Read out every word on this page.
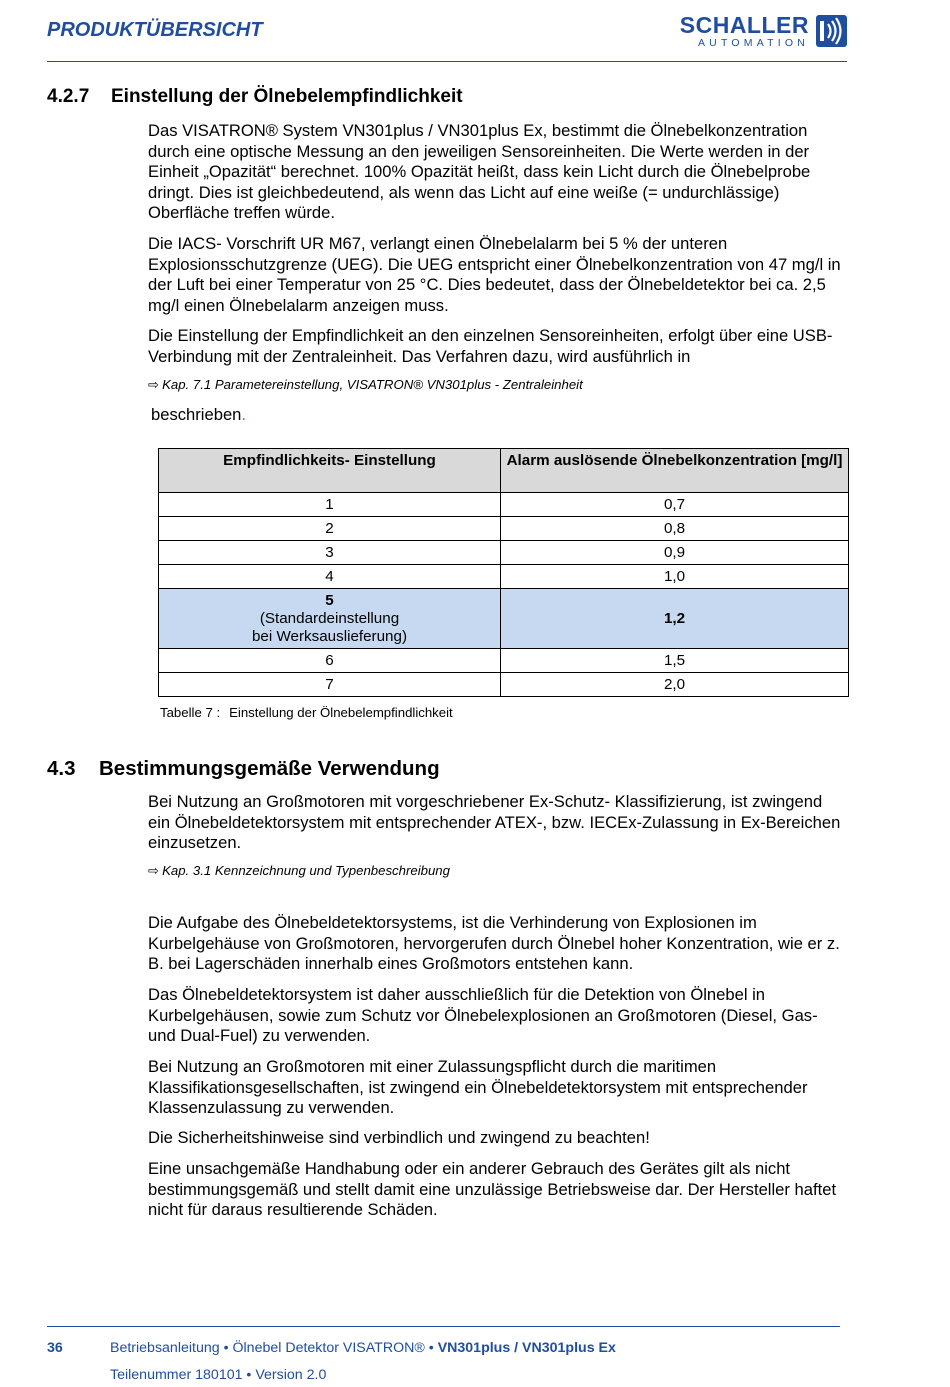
PRODUKTÜBERSICHT	SCHALLER
AUTOMATION
4.2.7 Einstellung der Ölnebelempfindlichkeit

Das VISATRON® System VN301plus / VN301plus Ex, bestimmt die Ölnebelkonzentration durch eine optische Messung an den jeweiligen Sensoreinheiten. Die Werte werden in der Einheit „Opazität“ berechnet. 100% Opazität heißt, dass kein Licht durch die Ölnebelprobe dringt. Dies ist gleichbedeutend, als wenn das Licht auf eine weiße (= undurchlässige) Oberfläche treffen würde.

Die IACS- Vorschrift UR M67, verlangt einen Ölnebelalarm bei 5 % der unteren Explosionsschutzgrenze (UEG). Die UEG entspricht einer Ölnebelkonzentration von 47 mg/l in der Luft bei einer Temperatur von 25 °C. Dies bedeutet, dass der Ölnebeldetektor bei ca. 2,5 mg/l einen Ölnebelalarm anzeigen muss.

Die Einstellung der Empfindlichkeit an den einzelnen Sensoreinheiten, erfolgt über eine USB-Verbindung mit der Zentraleinheit. Das Verfahren dazu, wird ausführlich in

⇨ Kap. 7.1 Parametereinstellung, VISATRON® VN301plus - Zentraleinheit
beschrieben.
Empfindlichkeits- Einstellung	Alarm auslösende Ölnebelkonzentration [mg/l]
1	0,7
2	0,8
3	0,9
4	1,0
5
(Standardeinstellung
bei Werksauslieferung)	1,2
6	1,5
7	2,0
Tabelle 7 : Einstellung der Ölnebelempfindlichkeit
4.3 Bestimmungsgemäße Verwendung

Bei Nutzung an Großmotoren mit vorgeschriebener Ex-Schutz- Klassifizierung, ist zwingend ein Ölnebeldetektorsystem mit entsprechender ATEX-, bzw. IECEx-Zulassung in Ex-Bereichen einzusetzen.

⇨ Kap. 3.1 Kennzeichnung und Typenbeschreibung

Die Aufgabe des Ölnebeldetektorsystems, ist die Verhinderung von Explosionen im Kurbelgehäuse von Großmotoren, hervorgerufen durch Ölnebel hoher Konzentration, wie er z. B. bei Lagerschäden innerhalb eines Großmotors entstehen kann.

Das Ölnebeldetektorsystem ist daher ausschließlich für die Detektion von Ölnebel in Kurbelgehäusen, sowie zum Schutz vor Ölnebelexplosionen an Großmotoren (Diesel, Gas- und Dual-Fuel) zu verwenden.

Bei Nutzung an Großmotoren mit einer Zulassungspflicht durch die maritimen Klassifikationsgesellschaften, ist zwingend ein Ölnebeldetektorsystem mit entsprechender Klassenzulassung zu verwenden.

Die Sicherheitshinweise sind verbindlich und zwingend zu beachten!

Eine unsachgemäße Handhabung oder ein anderer Gebrauch des Gerätes gilt als nicht bestimmungsgemäß und stellt damit eine unzulässige Betriebsweise dar. Der Hersteller haftet nicht für daraus resultierende Schäden.

36	Betriebsanleitung • Ölnebel Detektor VISATRON® • VN301plus / VN301plus Ex
Teilenummer 180101 • Version 2.0
